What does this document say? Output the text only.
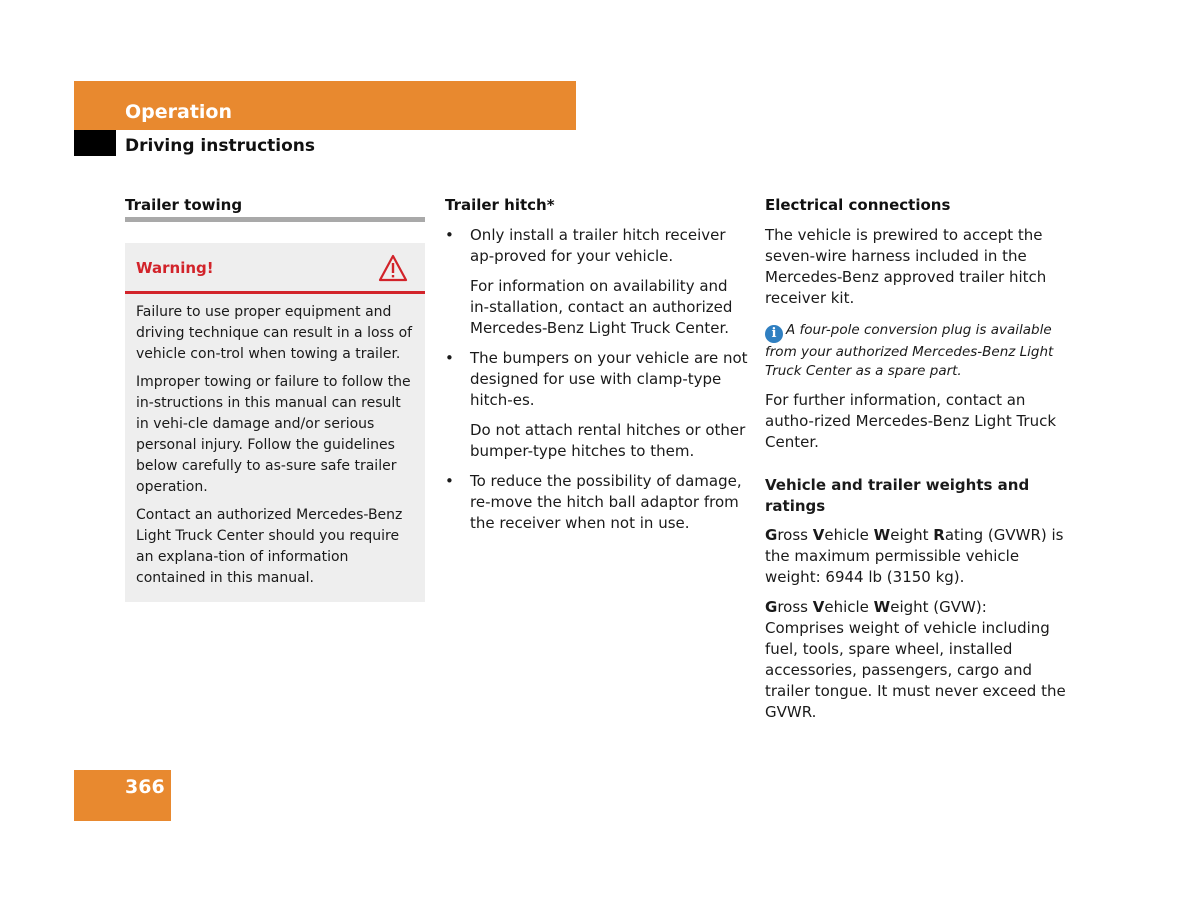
Operation
Driving instructions
Trailer towing
Warning!

Failure to use proper equipment and driving technique can result in a loss of vehicle con-trol when towing a trailer.

Improper towing or failure to follow the in-structions in this manual can result in vehi-cle damage and/or serious personal injury. Follow the guidelines below carefully to as-sure safe trailer operation.

Contact an authorized Mercedes-Benz Light Truck Center should you require an explana-tion of information contained in this manual.

Trailer hitch*
• Only install a trailer hitch receiver ap-proved for your vehicle.

For information on availability and in-stallation, contact an authorized Mercedes-Benz Light Truck Center.

• The bumpers on your vehicle are not designed for use with clamp-type hitch-es.

Do not attach rental hitches or other bumper-type hitches to them.

• To reduce the possibility of damage, re-move the hitch ball adaptor from the receiver when not in use.

Electrical connections

The vehicle is prewired to accept the seven-wire harness included in the Mercedes-Benz approved trailer hitch receiver kit.

i A four-pole conversion plug is available from your authorized Mercedes-Benz Light Truck Center as a spare part.

For further information, contact an autho-rized Mercedes-Benz Light Truck Center.

Vehicle and trailer weights and ratings

Gross Vehicle Weight Rating (GVWR) is the maximum permissible vehicle weight: 6944 lb (3150 kg).

Gross Vehicle Weight (GVW):
Comprises weight of vehicle including fuel, tools, spare wheel, installed accessories, passengers, cargo and trailer tongue. It must never exceed the GVWR.

366
